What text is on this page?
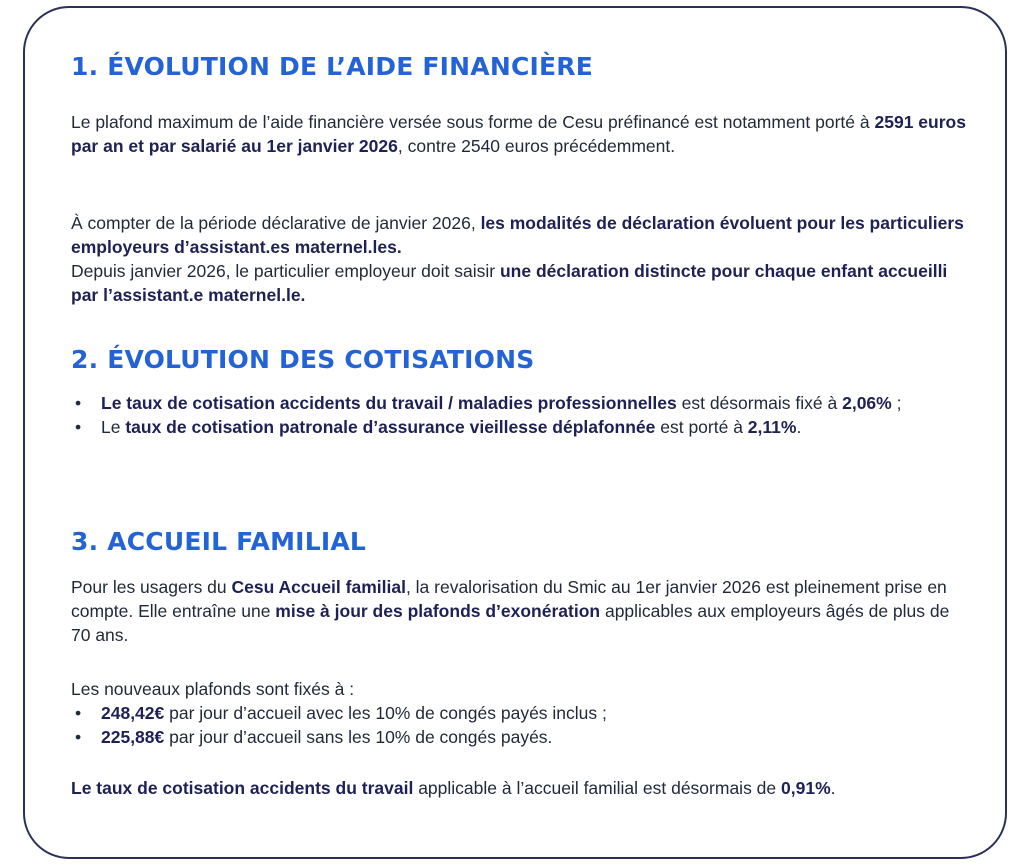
1. ÉVOLUTION DE L’AIDE FINANCIÈRE

Le plafond maximum de l’aide financière versée sous forme de Cesu préfinancé est notamment porté à 2591 euros par an et par salarié au 1er janvier 2026, contre 2540 euros précédemment.

À compter de la période déclarative de janvier 2026, les modalités de déclaration évoluent pour les particuliers employeurs d’assistant.es maternel.les.
Depuis janvier 2026, le particulier employeur doit saisir une déclaration distincte pour chaque enfant accueilli par l’assistant.e maternel.le.

2. ÉVOLUTION DES COTISATIONS
• Le taux de cotisation accidents du travail / maladies professionnelles est désormais fixé à 2,06% ;
• Le taux de cotisation patronale d’assurance vieillesse déplafonnée est porté à 2,11%.
3. ACCUEIL FAMILIAL

Pour les usagers du Cesu Accueil familial, la revalorisation du Smic au 1er janvier 2026 est pleinement prise en compte. Elle entraîne une mise à jour des plafonds d’exonération applicables aux employeurs âgés de plus de 70 ans.

Les nouveaux plafonds sont fixés à :

• 248,42€ par jour d’accueil avec les 10% de congés payés inclus ;
• 225,88€ par jour d’accueil sans les 10% de congés payés.

Le taux de cotisation accidents du travail applicable à l’accueil familial est désormais de 0,91%.
